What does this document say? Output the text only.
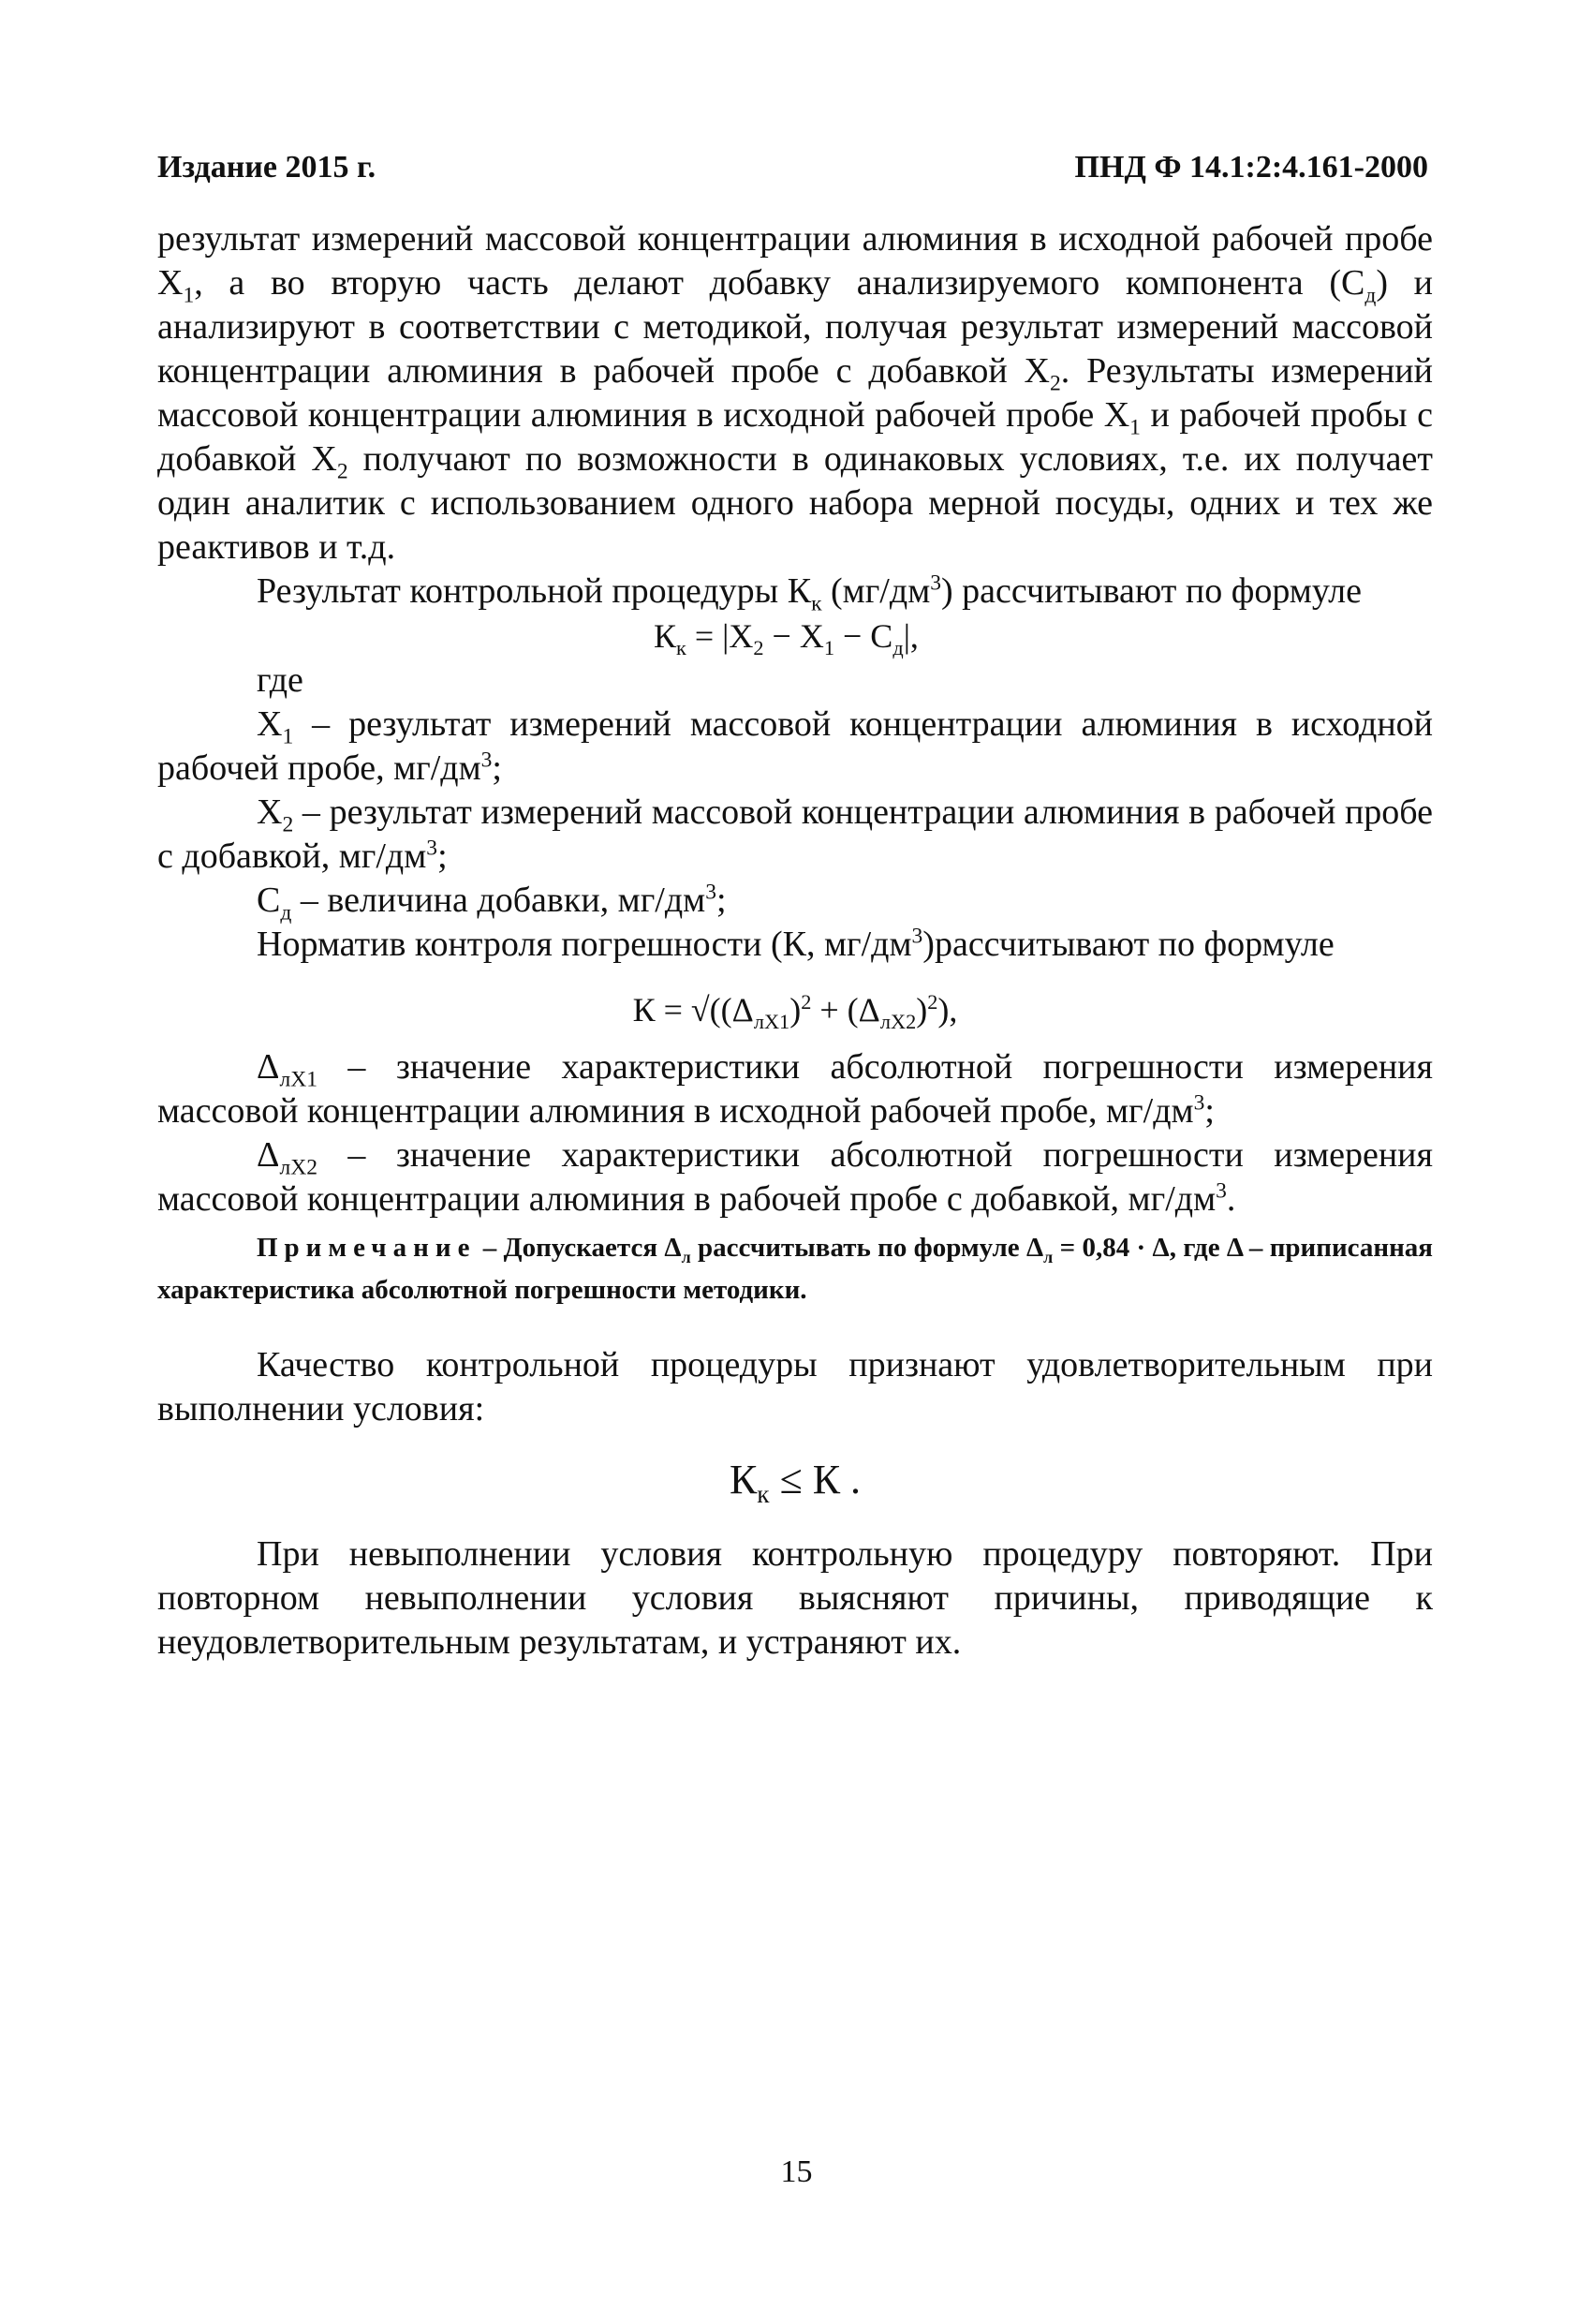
Издание 2015 г.	ПНД Ф 14.1:2:4.161-2000

результат измерений массовой концентрации алюминия в исходной рабочей пробе $X_1$, а во вторую часть делают добавку анализируемого компонента $(С_д)$ и анализируют в соответствии с методикой, получая результат измерений массовой концентрации алюминия в рабочей пробе с добавкой $X_2$. Результаты измерений массовой концентрации алюминия в исходной рабочей пробе $X_1$ и рабочей пробы с добавкой $X_2$ получают по возможности в одинаковых условиях, т.е. их получает один аналитик с использованием одного набора мерной посуды, одних и тех же реактивов и т.д.

Результат контрольной процедуры $К_к$ $(мг/дм^3)$ рассчитывают по формуле

$К_к = |X_2 - X_1 - С_д|$,

где

$X_1$ – результат измерений массовой концентрации алюминия в исходной рабочей пробе, $мг/дм^3$;

$X_2$ – результат измерений массовой концентрации алюминия в рабочей пробе с добавкой, $мг/дм^3$;

$С_д$ – величина добавки, $мг/дм^3$;

Норматив контроля погрешности (К, $мг/дм^3)рассчитывают$ по формуле

$К = √((\Delta_{лX1})^2 + (\Delta_{лX2})^2)$,

$\Delta_{лX1}$ – значение характеристики абсолютной погрешности измерения массовой концентрации алюминия в исходной рабочей пробе, $мг/дм^3$;

$\Delta_{лX2}$ – значение характеристики абсолютной погрешности измерения массовой концентрации алюминия в рабочей пробе с добавкой, $мг/дм^3$.

Примечание – Допускается $\Delta_л$ рассчитывать по формуле $\Delta_л = 0,84 \cdot \Delta$, где Δ – приписанная характеристика абсолютной погрешности методики.

Качество контрольной процедуры признают удовлетворительным при выполнении условия:

$К_к \le К$ .

При невыполнении условия контрольную процедуру повторяют. При повторном невыполнении условия выясняют причины, приводящие к неудовлетворительным результатам, и устраняют их.

15
